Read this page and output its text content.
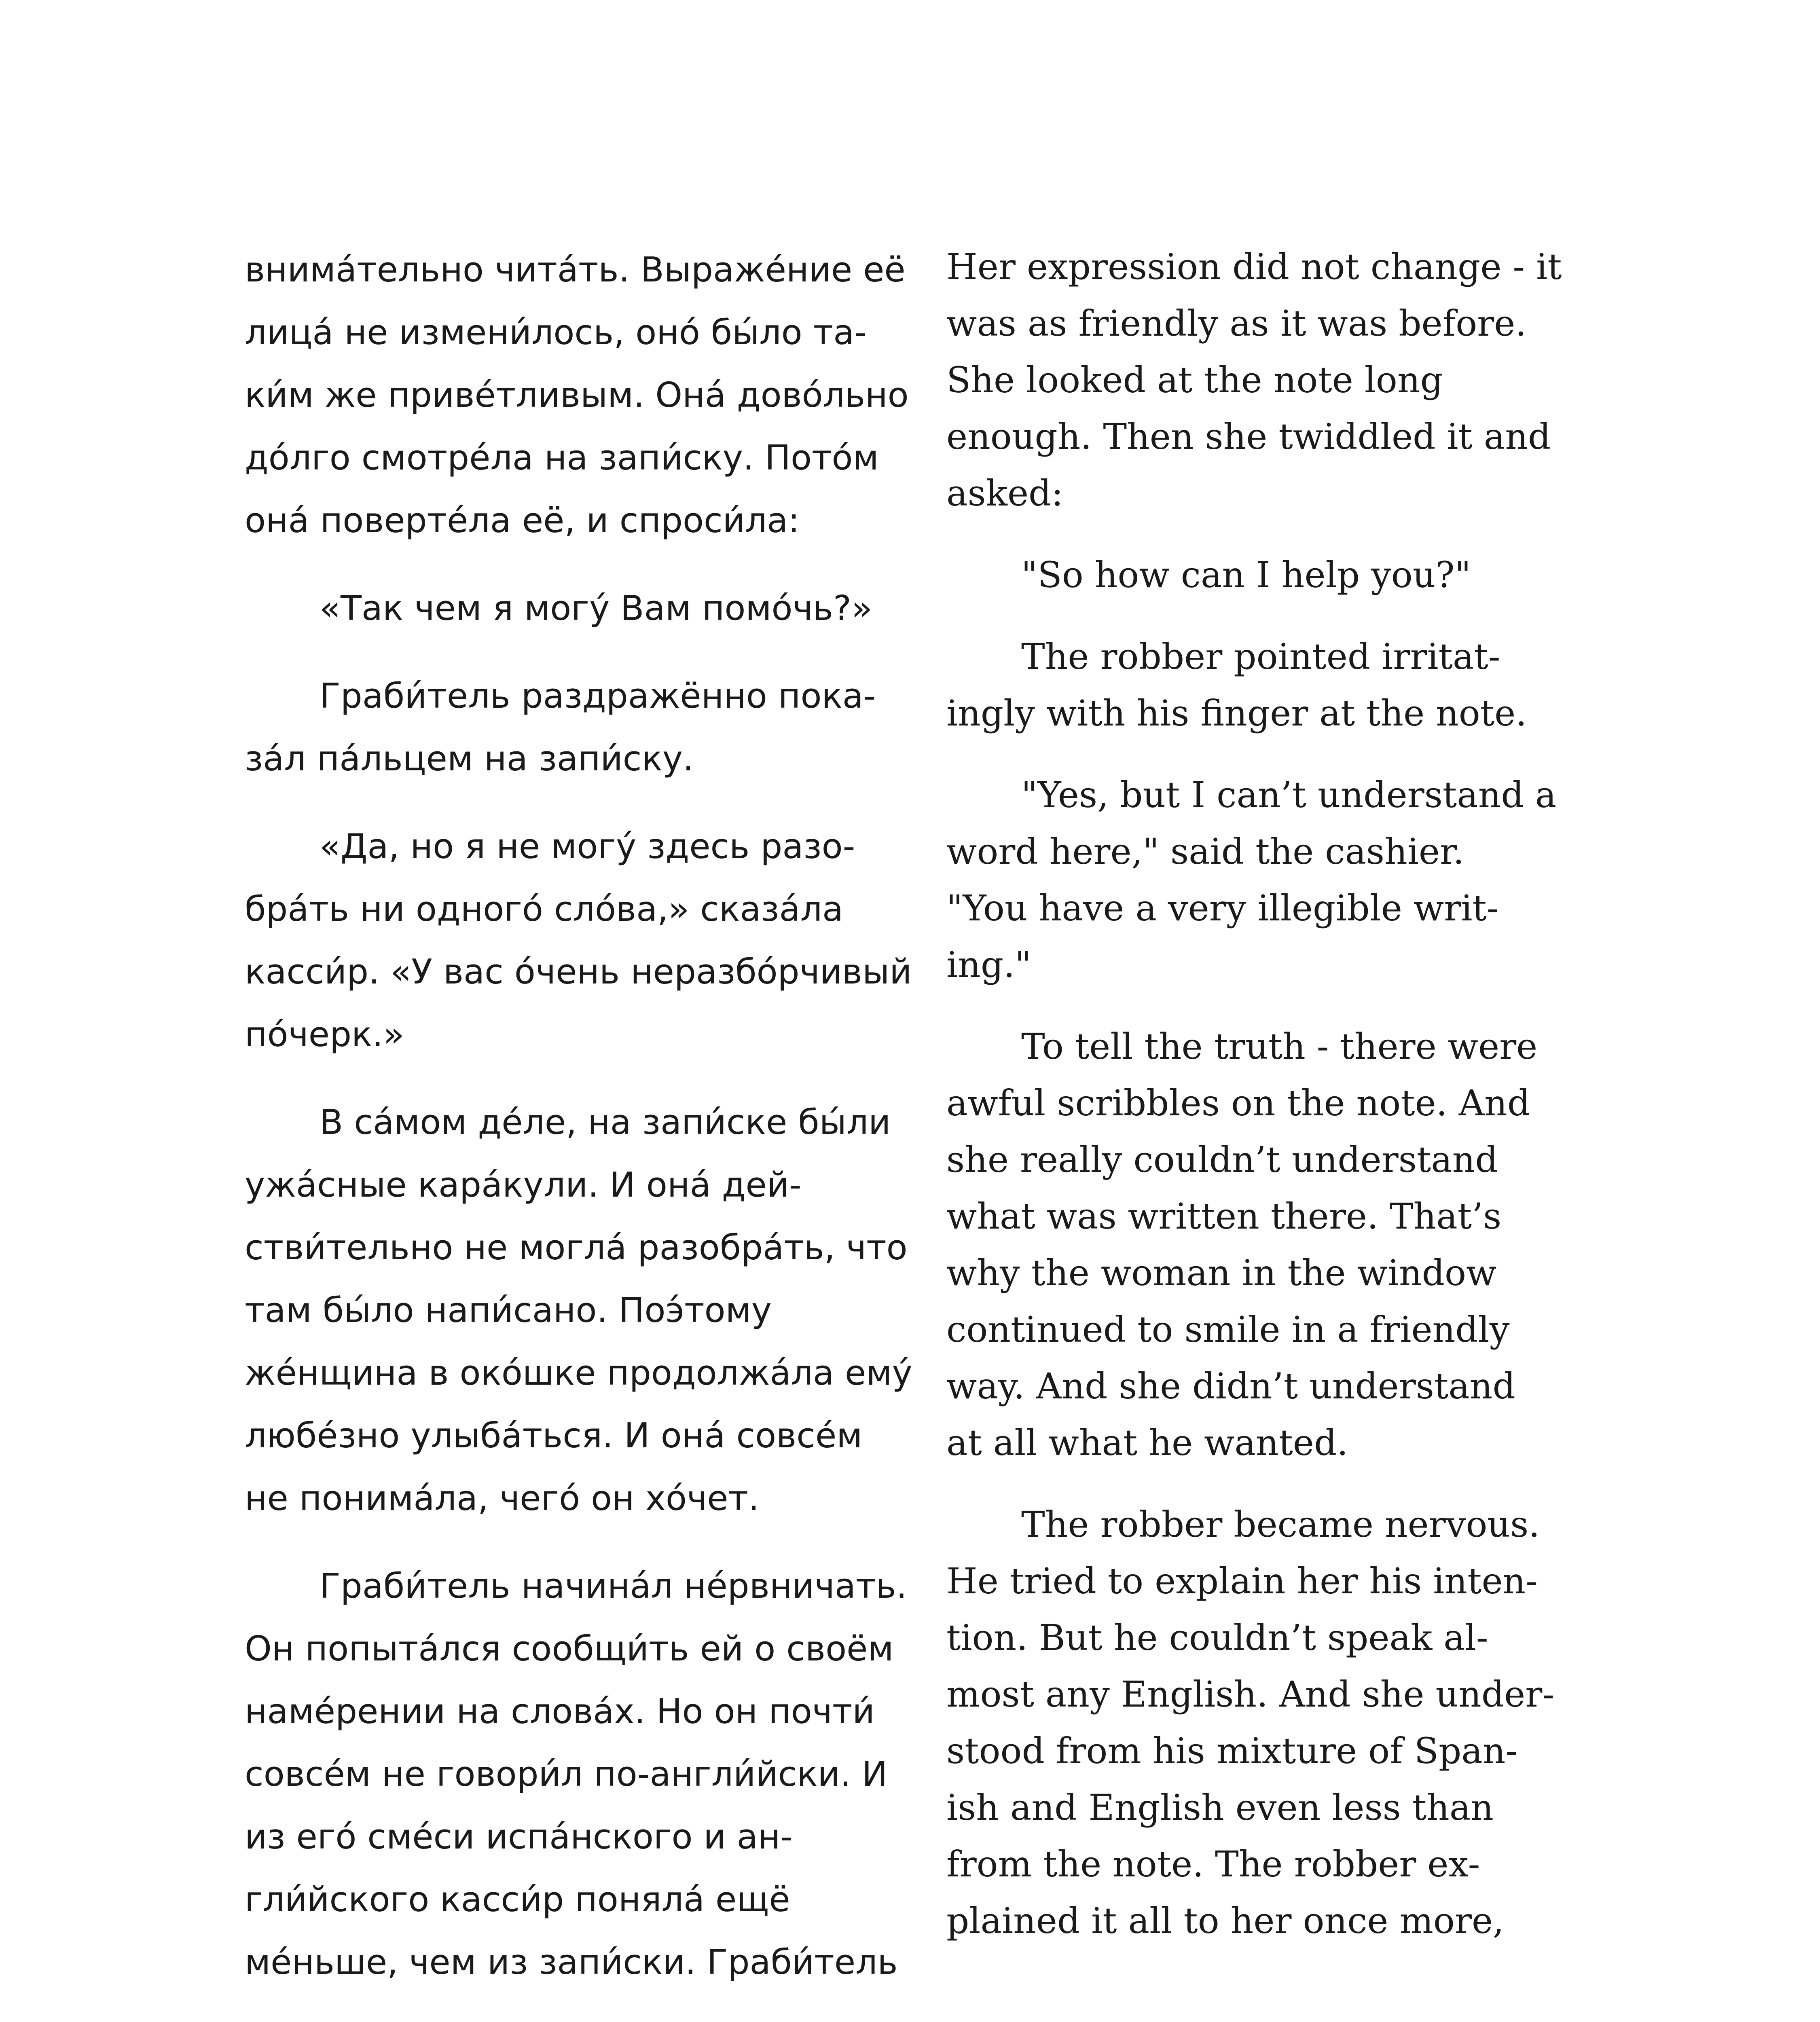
внима́тельно чита́ть. Выраже́ние её
лица́ не измени́лось, оно́ бы́ло та-
ки́м же приве́тливым. Она́ дово́льно
до́лго смотре́ла на запи́ску. Пото́м
она́ поверте́ла её, и спроси́ла:
«Так чем я могу́ Вам помо́чь?»
Граби́тель раздражённо пока-
за́л па́льцем на запи́ску.
«Да, но я не могу́ здесь разо-
бра́ть ни одного́ сло́ва,» сказа́ла
касси́р. «У вас о́чень неразбо́рчивый
по́черк.»
В са́мом де́ле, на запи́ске бы́ли
ужа́сные кара́кули. И она́ дей-
стви́тельно не могла́ разобра́ть, что
там бы́ло напи́сано. Поэ́тому
же́нщина в око́шке продолжа́ла ему́
любе́зно улыба́ться. И она́ совсе́м
не понима́ла, чего́ он хо́чет.
Граби́тель начина́л не́рвничать.
Он попыта́лся сообщи́ть ей о своём
наме́рении на слова́х. Но он почти́
совсе́м не говори́л по-англи́йски. И
из его́ сме́си испа́нского и ан-
гли́йского касси́р поняла́ ещё
ме́ньше, чем из запи́ски. Граби́тель
Her expression did not change - it
was as friendly as it was before.
She looked at the note long
enough. Then she twiddled it and
asked:
"So how can I help you?"
The robber pointed irritat-
ingly with his finger at the note.
"Yes, but I can’t understand a
word here," said the cashier.
"You have a very illegible writ-
ing."
To tell the truth - there were
awful scribbles on the note. And
she really couldn’t understand
what was written there. That’s
why the woman in the window
continued to smile in a friendly
way. And she didn’t understand
at all what he wanted.
The robber became nervous.
He tried to explain her his inten-
tion. But he couldn’t speak al-
most any English. And she under-
stood from his mixture of Span-
ish and English even less than
from the note. The robber ex-
plained it all to her once more,
